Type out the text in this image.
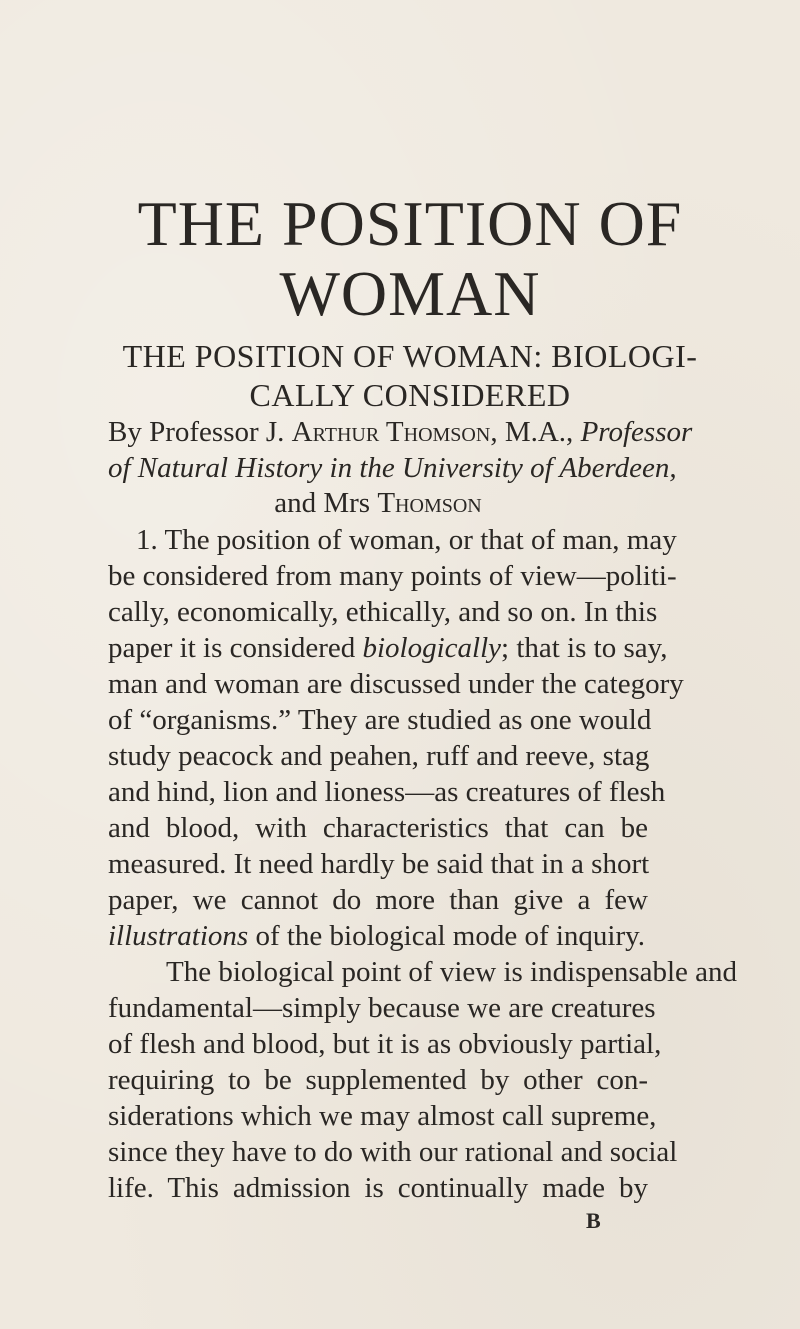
THE POSITION OF
WOMAN
THE POSITION OF WOMAN: BIOLOGI-
CALLY CONSIDERED

By Professor J. Arthur Thomson, M.A., Professor

of Natural History in the University of Aberdeen,

and Mrs Thomson

1. The position of woman, or that of man, may

be considered from many points of view—politi-

cally, economically, ethically, and so on. In this

paper it is considered biologically; that is to say,

man and woman are discussed under the category

of “organisms.” They are studied as one would

study peacock and peahen, ruff and reeve, stag

and hind, lion and lioness—as creatures of flesh

and blood, with characteristics that can be

measured. It need hardly be said that in a short

paper, we cannot do more than give a few

illustrations of the biological mode of inquiry.

The biological point of view is indispensable and

fundamental—simply because we are creatures

of flesh and blood, but it is as obviously partial,

requiring to be supplemented by other con-

siderations which we may almost call supreme,

since they have to do with our rational and social

life. This admission is continually made by

B
